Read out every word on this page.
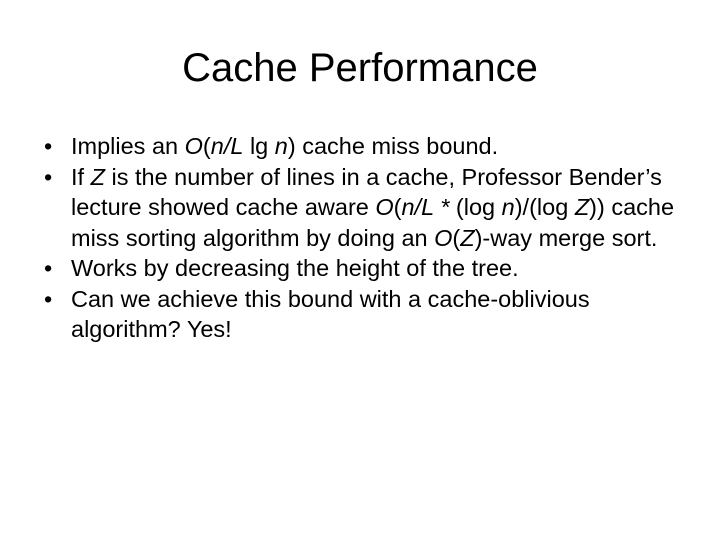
Cache Performance
• Implies an O(n/L lg n) cache miss bound.
• If Z is the number of lines in a cache, Professor Bender’s lecture showed cache aware O(n/L * (log n)/(log Z)) cache miss sorting algorithm by doing an O(Z)-way merge sort.
• Works by decreasing the height of the tree.
• Can we achieve this bound with a cache-oblivious algorithm? Yes!
